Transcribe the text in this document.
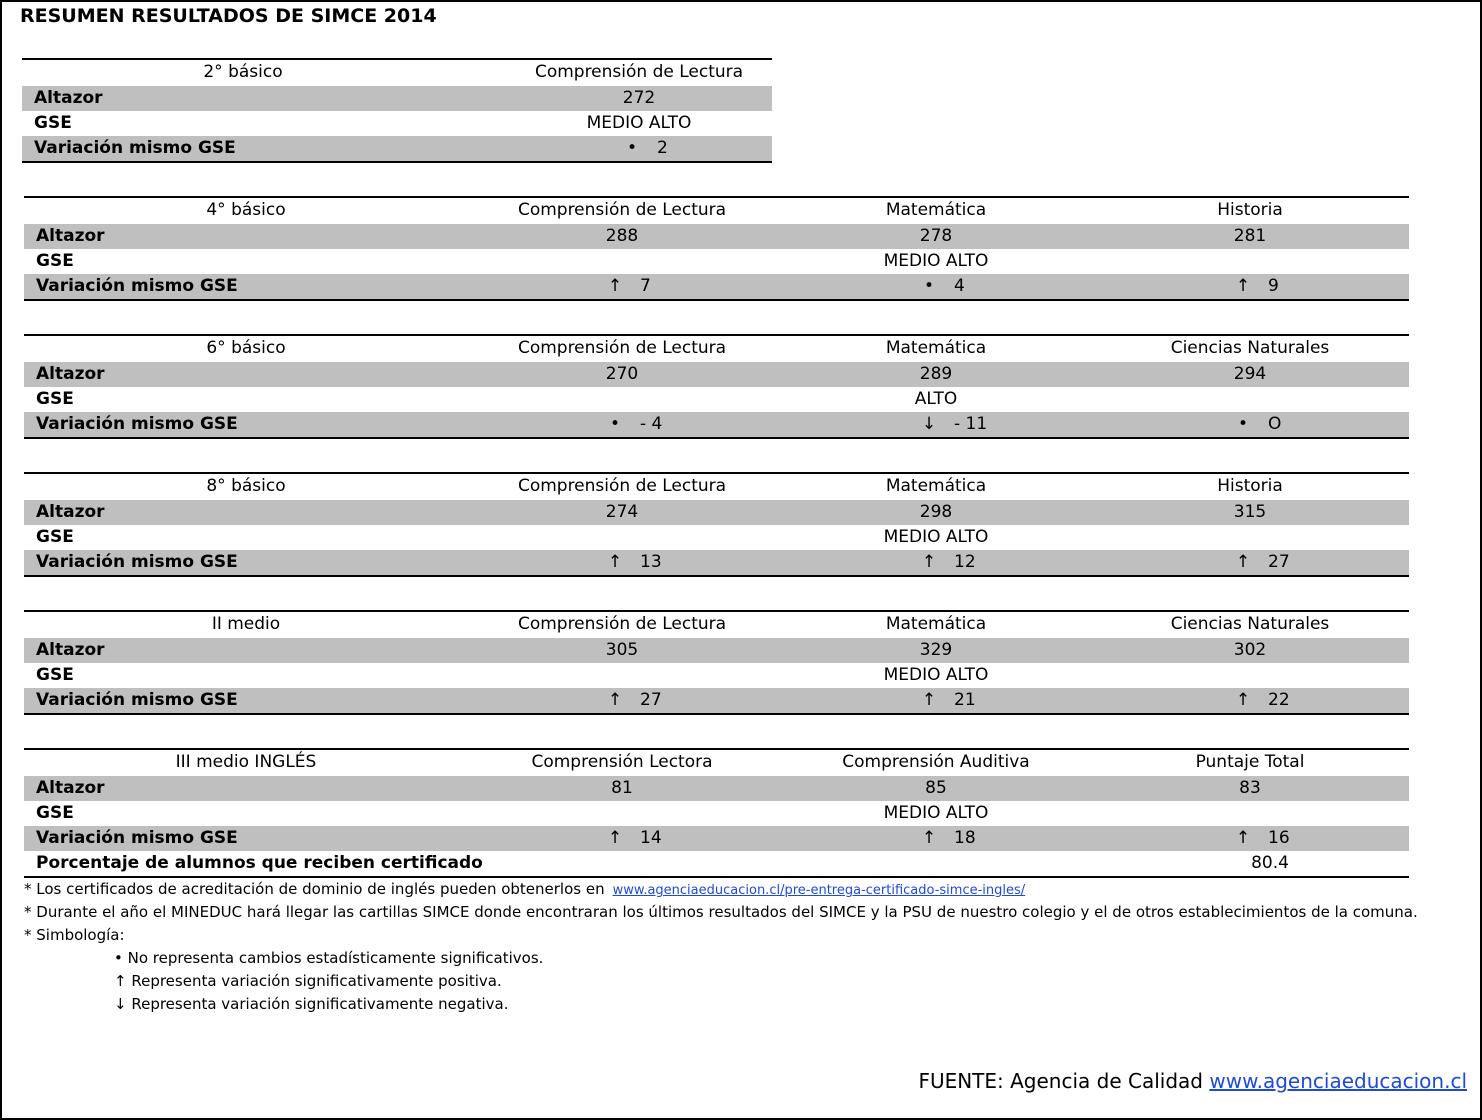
RESUMEN RESULTADOS DE SIMCE 2014
2° básico	Comprensión de Lectura
Altazor	272
GSE	MEDIO ALTO
Variación mismo GSE	• 2
4° básico	Comprensión de Lectura	Matemática	Historia
Altazor	288	278	281
GSE	MEDIO ALTO
Variación mismo GSE	↑ 7	• 4	↑ 9
6° básico	Comprensión de Lectura	Matemática	Ciencias Naturales
Altazor	270	289	294
GSE	ALTO
Variación mismo GSE	• - 4	↓ - 11	• O
8° básico	Comprensión de Lectura	Matemática	Historia
Altazor	274	298	315
GSE	MEDIO ALTO
Variación mismo GSE	↑ 13	↑ 12	↑ 27
II medio	Comprensión de Lectura	Matemática	Ciencias Naturales
Altazor	305	329	302
GSE	MEDIO ALTO
Variación mismo GSE	↑ 27	↑ 21	↑ 22
III medio INGLÉS	Comprensión Lectora	Comprensión Auditiva	Puntaje Total
Altazor	81	85	83
GSE	MEDIO ALTO
Variación mismo GSE	↑ 14	↑ 18	↑ 16
Porcentaje de alumnos que reciben certificado	80.4
* Los certificados de acreditación de dominio de inglés pueden obtenerlos en www.agenciaeducacion.cl/pre-entrega-certificado-simce-ingles/
* Durante el año el MINEDUC hará llegar las cartillas SIMCE donde encontraran los últimos resultados del SIMCE y la PSU de nuestro colegio y el de otros establecimientos de la comuna.
* Simbología:
• No representa cambios estadísticamente significativos.
↑ Representa variación significativamente positiva.
↓ Representa variación significativamente negativa.
FUENTE: Agencia de Calidad www.agenciaeducacion.cl
